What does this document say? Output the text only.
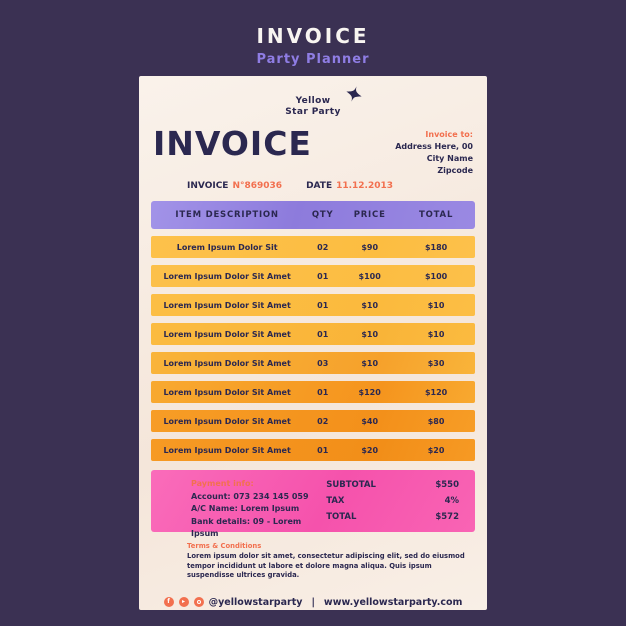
INVOICE
Party Planner
Yellow
Star Party
INVOICE	Invoice to:
Address Here, 00
City Name
Zipcode
INVOICE N°869036	DATE 11.12.2013
ITEM DESCRIPTION	QTY	PRICE	TOTAL
Lorem Ipsum Dolor Sit	02	$90	$180
Lorem Ipsum Dolor Sit Amet	01	$100	$100
Lorem Ipsum Dolor Sit Amet	01	$10	$10
Lorem Ipsum Dolor Sit Amet	01	$10	$10
Lorem Ipsum Dolor Sit Amet	03	$10	$30
Lorem Ipsum Dolor Sit Amet	01	$120	$120
Lorem Ipsum Dolor Sit Amet	02	$40	$80
Lorem Ipsum Dolor Sit Amet	01	$20	$20
Payment info:
Account: 073 234 145 059
A/C Name: Lorem Ipsum
Bank details: 09 - Lorem Ipsum
SUBTOTAL	$550
TAX	4%
TOTAL	$572
Terms & Conditions
Lorem ipsum dolor sit amet, consectetur adipiscing elit, sed do eiusmod tempor incididunt ut labore et dolore magna aliqua. Quis ipsum suspendisse ultrices gravida.
f	▸	@yellowstarparty | www.yellowstarparty.com
